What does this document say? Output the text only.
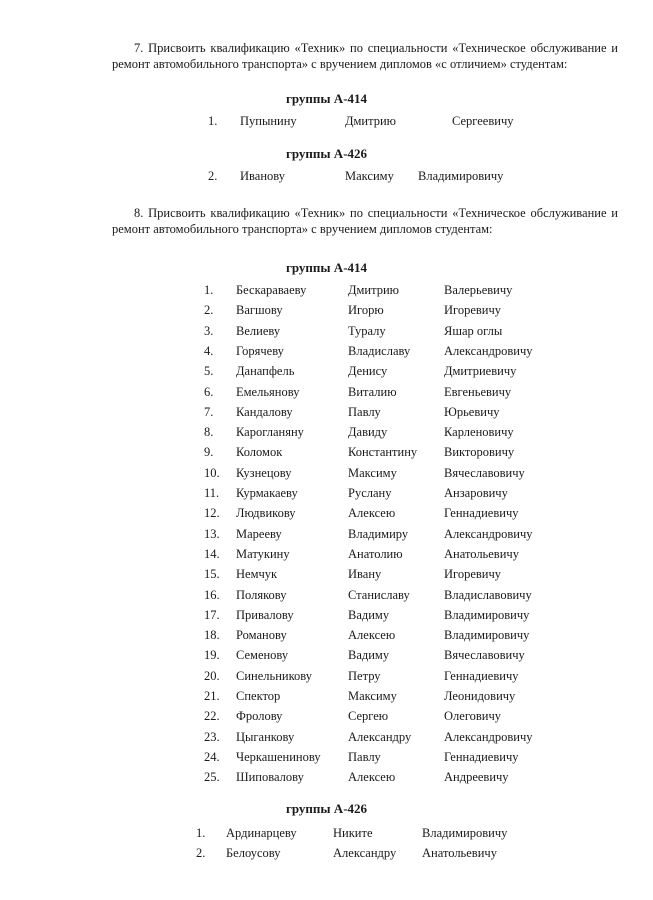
7. Присвоить квалификацию «Техник» по специальности «Техническое обслуживание и ремонт автомобильного транспорта» с вручением дипломов «с отличием» студентам:
группы А-414
1. Пупынину	Дмитрию	Сергеевичу
группы А-426
2. Иванову	Максиму Владимировичу
8. Присвоить квалификацию «Техник» по специальности «Техническое обслуживание и ремонт автомобильного транспорта» с вручением дипломов студентам:
группы А-414
1. Бескараваеву	Дмитрию	Валерьевичу
2. Вагшову	Игорю	Игоревичу
3. Велиеву	Туралу	Яшар оглы
4. Горячеву	Владиславу	Александровичу
5. Данапфель	Денису	Дмитриевичу
6. Емельянову	Виталию	Евгеньевичу
7. Кандалову	Павлу	Юрьевичу
8. Карогланяну	Давиду	Карленовичу
9. Коломок	Константину Викторовичу
10. Кузнецову	Максиму	Вячеславовичу
11. Курмакаеву	Руслану	Анзаровичу
12. Людвикову	Алексею	Геннадиевичу
13. Марееву	Владимиру	Александровичу
14. Матукину	Анатолию	Анатольевичу
15. Немчук	Ивану	Игоревичу
16. Полякову	Станиславу	Владиславовичу
17. Привалову	Вадиму	Владимировичу
18. Романову	Алексею	Владимировичу
19. Семенову	Вадиму	Вячеславовичу
20. Синельникову	Петру	Геннадиевичу
21. Спектор	Максиму	Леонидовичу
22. Фролову	Сергею	Олеговичу
23. Цыганкову	Александру	Александровичу
24. Черкашенинову Павлу	Геннадиевичу
25. Шиповалову	Алексею	Андреевичу
группы А-426
1. Ардинарцеву	Никите	Владимировичу
2. Белоусову	Александру Анатольевичу
